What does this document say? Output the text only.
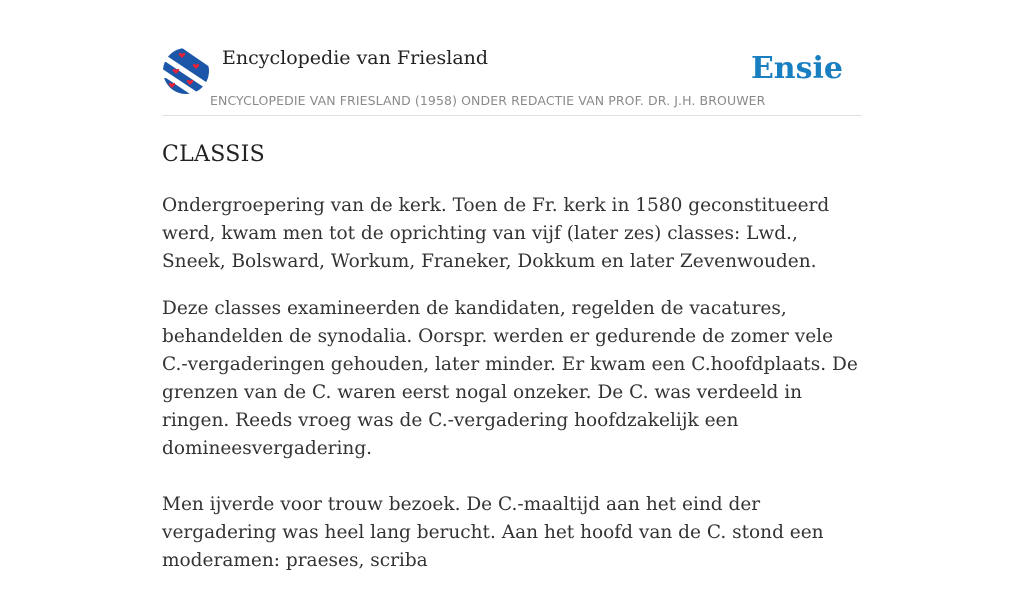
Encyclopedie van Friesland	Ensie
ENCYCLOPEDIE VAN FRIESLAND (1958) ONDER REDACTIE VAN PROF. DR. J.H. BROUWER
CLASSIS

Ondergroepering van de kerk. Toen de Fr. kerk in 1580 geconstitueerd werd, kwam men tot de oprichting van vijf (later zes) classes: Lwd., Sneek, Bolsward, Workum, Franeker, Dokkum en later Zevenwouden.

Deze classes examineerden de kandidaten, regelden de vacatures, behandelden de synodalia. Oorspr. werden er gedurende de zomer vele C.-vergaderingen gehouden, later minder. Er kwam een C.hoofdplaats. De grenzen van de C. waren eerst nogal onzeker. De C. was verdeeld in ringen. Reeds vroeg was de C.-vergadering hoofdzakelijk een domineesvergadering.

Men ijverde voor trouw bezoek. De C.-maaltijd aan het eind der vergadering was heel lang berucht. Aan het hoofd van de C. stond een moderamen: praeses, scriba
